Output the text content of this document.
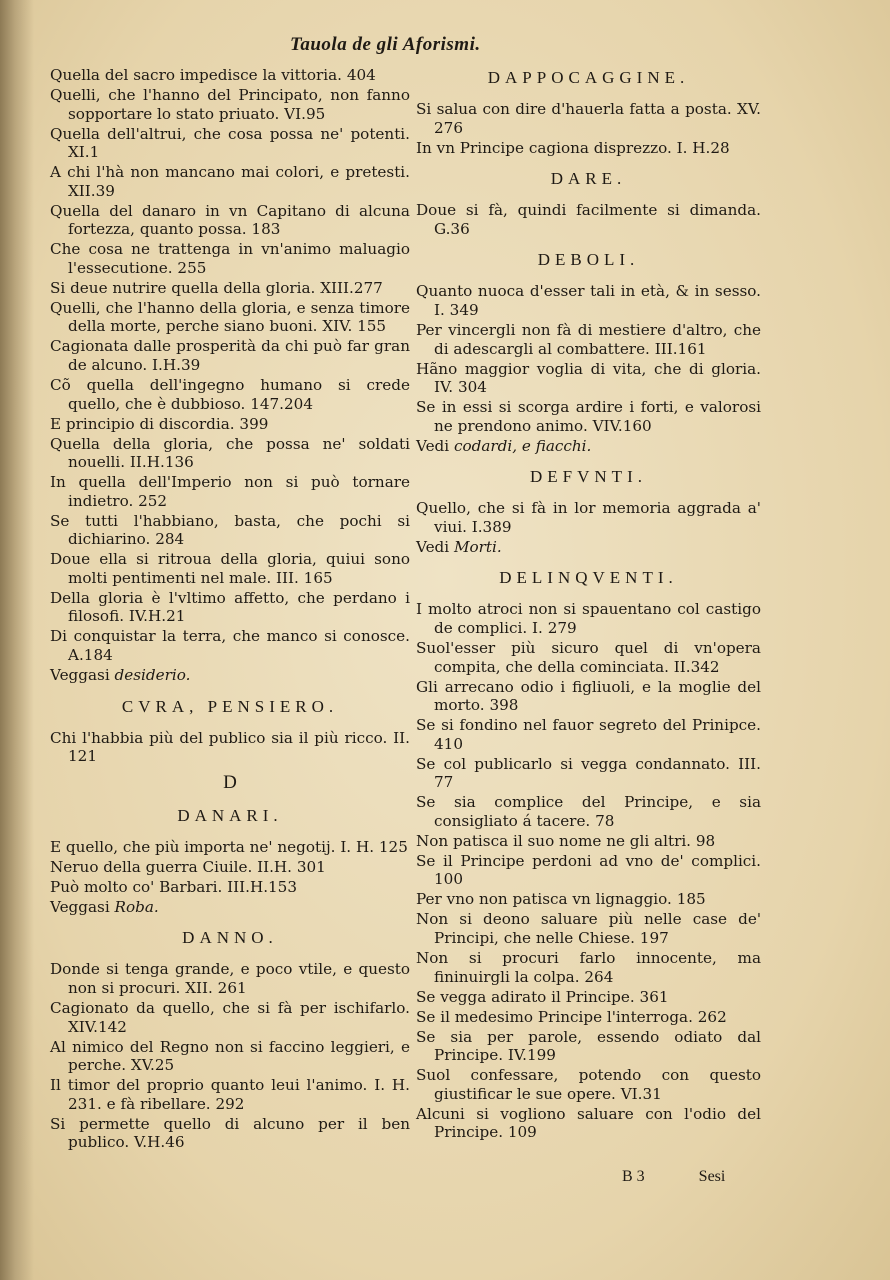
Tauola de gli Aforismi.
Quella del sacro impedisce la vittoria. 404
Quelli, che l'hanno del Principato, non fanno sopportare lo stato priuato. VI.95
Quella dell'altrui, che cosa possa ne' potenti. XI.1
A chi l'hà non mancano mai colori, e pretesti. XII.39
Quella del danaro in vn Capitano di alcuna fortezza, quanto possa. 183
Che cosa ne trattenga in vn'animo maluagio l'essecutione. 255
Si deue nutrire quella della gloria. XIII.277
Quelli, che l'hanno della gloria, e senza timore della morte, perche siano buoni. XIV. 155
Cagionata dalle prosperità da chi può far gran de alcuno. I.H.39
Cõ quella dell'ingegno humano si crede quello, che è dubbioso. 147.204
E principio di discordia. 399
Quella della gloria, che possa ne' soldati nouelli. II.H.136
In quella dell'Imperio non si può tornare indietro. 252
Se tutti l'habbiano, basta, che pochi si dichiarino. 284
Doue ella si ritroua della gloria, quiui sono molti pentimenti nel male. III. 165
Della gloria è l'vltimo affetto, che perdano i filosofi. IV.H.21
Di conquistar la terra, che manco si conosce. A.184
Veggasi desiderio.
CVRA, PENSIERO.
Chi l'habbia più del publico sia il più ricco. II. 121
D
DANARI.
E quello, che più importa ne' negotij. I. H. 125
Neruo della guerra Ciuile. II.H. 301
Può molto co' Barbari. III.H.153
Veggasi Roba.
DANNO.
Donde si tenga grande, e poco vtile, e questo non si procuri. XII. 261
Cagionato da quello, che si fà per ischifarlo. XIV.142
Al nimico del Regno non si faccino leggieri, e perche. XV.25
Il timor del proprio quanto leui l'animo. I. H. 231. e fà ribellare. 292
Si permette quello di alcuno per il ben publico. V.H.46
DAPPOCAGGINE.
Si salua con dire d'hauerla fatta a posta. XV. 276
In vn Principe cagiona disprezzo. I. H.28
DARE.
Doue si fà, quindi facilmente si dimanda. G.36
DEBOLI.
Quanto nuoca d'esser tali in età, & in sesso. I. 349
Per vincergli non fà di mestiere d'altro, che di adescargli al combattere. III.161
Hãno maggior voglia di vita, che di gloria. IV. 304
Se in essi si scorga ardire i forti, e valorosi ne prendono animo. VIV.160
Vedi codardi, e fiacchi.
DEFVNTI.
Quello, che si fà in lor memoria aggrada a' viui. I.389
Vedi Morti.
DELINQVENTI.
I molto atroci non si spauentano col castigo de complici. I. 279
Suol'esser più sicuro quel di vn'opera compita, che della cominciata. II.342
Gli arrecano odio i figliuoli, e la moglie del morto. 398
Se si fondino nel fauor segreto del Prinipce. 410
Se col publicarlo si vegga condannato. III. 77
Se sia complice del Principe, e sia consigliato á tacere. 78
Non patisca il suo nome ne gli altri. 98
Se il Principe perdoni ad vno de' complici. 100
Per vno non patisca vn lignaggio. 185
Non si deono saluare più nelle case de' Principi, che nelle Chiese. 197
Non si procuri farlo innocente, ma fininuirgli la colpa. 264
Se vegga adirato il Principe. 361
Se il medesimo Principe l'interroga. 262
Se sia per parole, essendo odiato dal Principe. IV.199
Suol confessare, potendo con questo giustificar le sue opere. VI.31
Alcuni si vogliono saluare con l'odio del Principe. 109
B 3	Sesi
